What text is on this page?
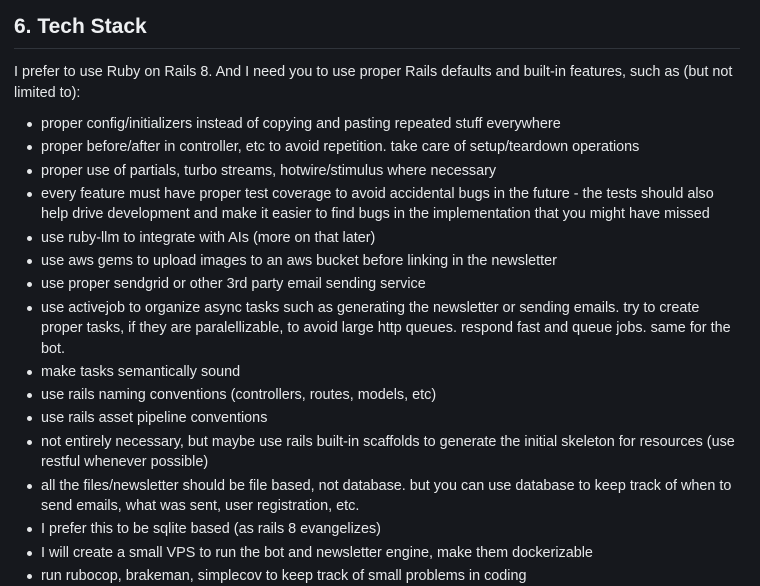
6. Tech Stack

I prefer to use Ruby on Rails 8. And I need you to use proper Rails defaults and built-in features, such as (but not limited to):

proper config/initializers instead of copying and pasting repeated stuff everywhere
proper before/after in controller, etc to avoid repetition. take care of setup/teardown operations
proper use of partials, turbo streams, hotwire/stimulus where necessary
every feature must have proper test coverage to avoid accidental bugs in the future - the tests should also help drive development and make it easier to find bugs in the implementation that you might have missed
use ruby-llm to integrate with AIs (more on that later)
use aws gems to upload images to an aws bucket before linking in the newsletter
use proper sendgrid or other 3rd party email sending service
use activejob to organize async tasks such as generating the newsletter or sending emails. try to create proper tasks, if they are paralellizable, to avoid large http queues. respond fast and queue jobs. same for the bot.
make tasks semantically sound
use rails naming conventions (controllers, routes, models, etc)
use rails asset pipeline conventions
not entirely necessary, but maybe use rails built-in scaffolds to generate the initial skeleton for resources (use restful whenever possible)
all the files/newsletter should be file based, not database. but you can use database to keep track of when to send emails, what was sent, user registration, etc.
I prefer this to be sqlite based (as rails 8 evangelizes)
I will create a small VPS to run the bot and newsletter engine, make them dockerizable
run rubocop, brakeman, simplecov to keep track of small problems in coding
